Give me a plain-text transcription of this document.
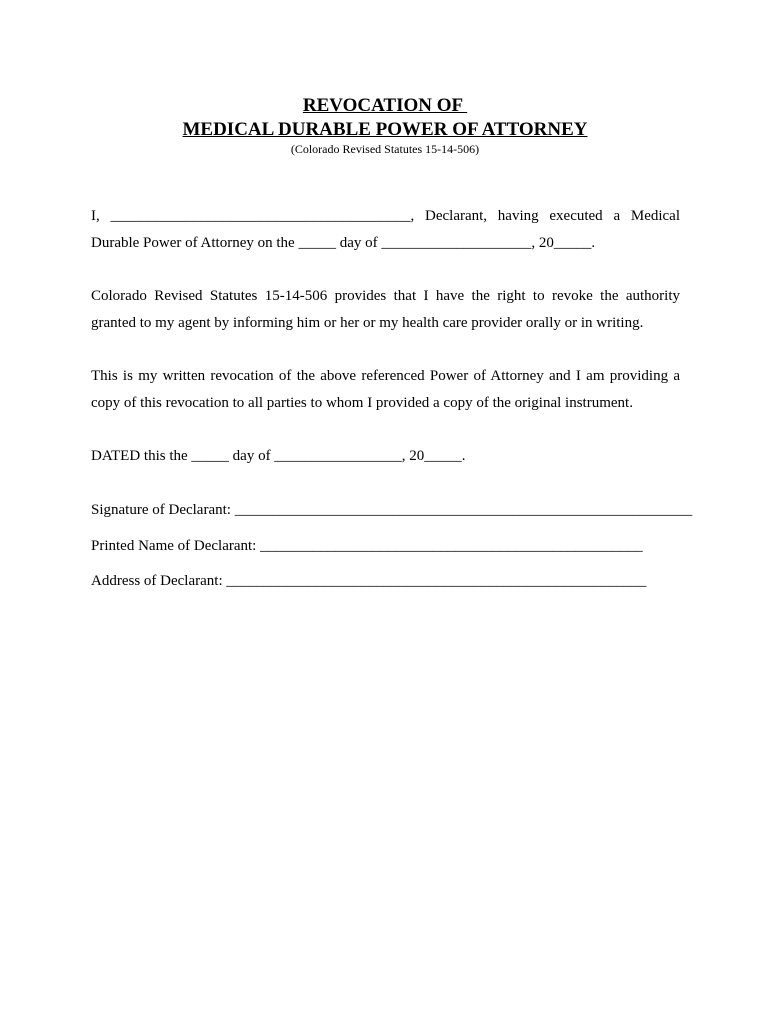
REVOCATION OF
MEDICAL DURABLE POWER OF ATTORNEY
(Colorado Revised Statutes 15-14-506)
I, ________________________________________, Declarant, having executed a Medical Durable Power of Attorney on the _____ day of ____________________, 20_____.
Colorado Revised Statutes 15-14-506 provides that I have the right to revoke the authority granted to my agent by informing him or her or my health care provider orally or in writing.
This is my written revocation of the above referenced Power of Attorney and I am providing a copy of this revocation to all parties to whom I provided a copy of the original instrument.
DATED this the _____ day of _________________, 20_____.
Signature of Declarant: _____________________________________________________________
Printed Name of Declarant: ___________________________________________________
Address of Declarant: ________________________________________________________
